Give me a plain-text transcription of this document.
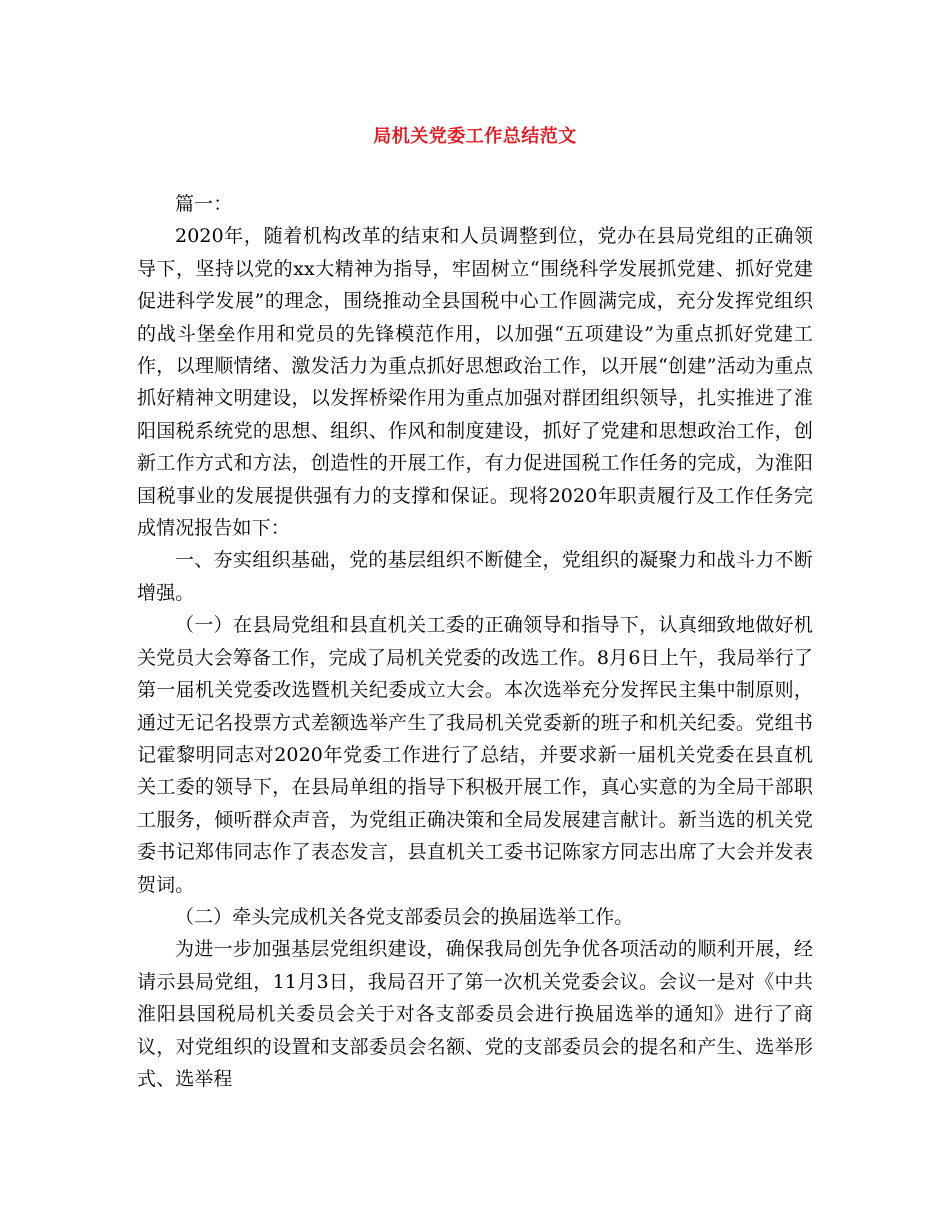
局机关党委工作总结范文

篇一：

2020年，随着机构改革的结束和人员调整到位，党办在县局党组的正确领导下，坚持以党的xx大精神为指导，牢固树立“围绕科学发展抓党建、抓好党建促进科学发展”的理念，围绕推动全县国税中心工作圆满完成，充分发挥党组织的战斗堡垒作用和党员的先锋模范作用，以加强“五项建设”为重点抓好党建工作，以理顺情绪、激发活力为重点抓好思想政治工作，以开展“创建”活动为重点抓好精神文明建设，以发挥桥梁作用为重点加强对群团组织领导，扎实推进了淮阳国税系统党的思想、组织、作风和制度建设，抓好了党建和思想政治工作，创新工作方式和方法，创造性的开展工作，有力促进国税工作任务的完成，为淮阳国税事业的发展提供强有力的支撑和保证。现将2020年职责履行及工作任务完成情况报告如下：

一、夯实组织基础，党的基层组织不断健全，党组织的凝聚力和战斗力不断增强。

（一）在县局党组和县直机关工委的正确领导和指导下，认真细致地做好机关党员大会筹备工作，完成了局机关党委的改选工作。8月6日上午，我局举行了第一届机关党委改选暨机关纪委成立大会。本次选举充分发挥民主集中制原则，通过无记名投票方式差额选举产生了我局机关党委新的班子和机关纪委。党组书记霍黎明同志对2020年党委工作进行了总结，并要求新一届机关党委在县直机关工委的领导下，在县局单组的指导下积极开展工作，真心实意的为全局干部职工服务，倾听群众声音，为党组正确决策和全局发展建言献计。新当选的机关党委书记郑伟同志作了表态发言，县直机关工委书记陈家方同志出席了大会并发表贺词。

（二）牵头完成机关各党支部委员会的换届选举工作。

为进一步加强基层党组织建设，确保我局创先争优各项活动的顺利开展，经请示县局党组，11月3日，我局召开了第一次机关党委会议。会议一是对《中共淮阳县国税局机关委员会关于对各支部委员会进行换届选举的通知》进行了商议，对党组织的设置和支部委员会名额、党的支部委员会的提名和产生、选举形式、选举程
